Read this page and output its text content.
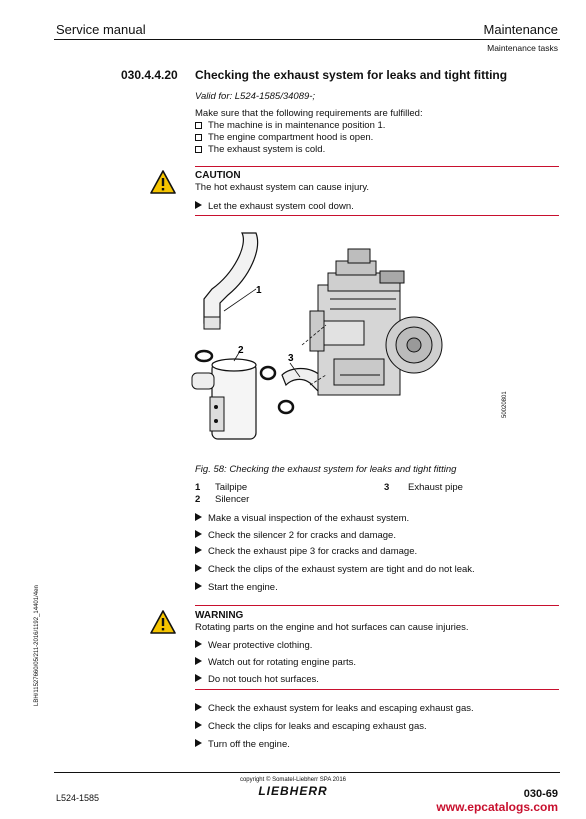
Service manual	Maintenance
Maintenance tasks
030.4.4.20 Checking the exhaust system for leaks and tight fitting
Valid for: L524-1585/34089-;
Make sure that the following requirements are fulfilled:
The machine is in maintenance position 1.
The engine compartment hood is open.
The exhaust system is cold.
CAUTION
The hot exhaust system can cause injury.
Let the exhaust system cool down.
1
2
3
50020801
Fig. 58: Checking the exhaust system for leaks and tight fitting
1 Tailpipe
2 Silencer
3 Exhaust pipe
Make a visual inspection of the exhaust system.
Check the silencer 2 for cracks and damage.
Check the exhaust pipe 3 for cracks and damage.
Check the clips of the exhaust system are tight and do not leak.
Start the engine.
WARNING
Rotating parts on the engine and hot surfaces can cause injuries.
Wear protective clothing.
Watch out for rotating engine parts.
Do not touch hot surfaces.
Check the exhaust system for leaks and escaping exhaust gas.
Check the clips for leaks and escaping exhaust gas.
Turn off the engine.
LBH/11527660/05/211-2016/1192_14401/4en
copyright © Somatel-Liebherr SPA 2016
LIEBHERR
L524-1585	030-69
www.epcatalogs.com
